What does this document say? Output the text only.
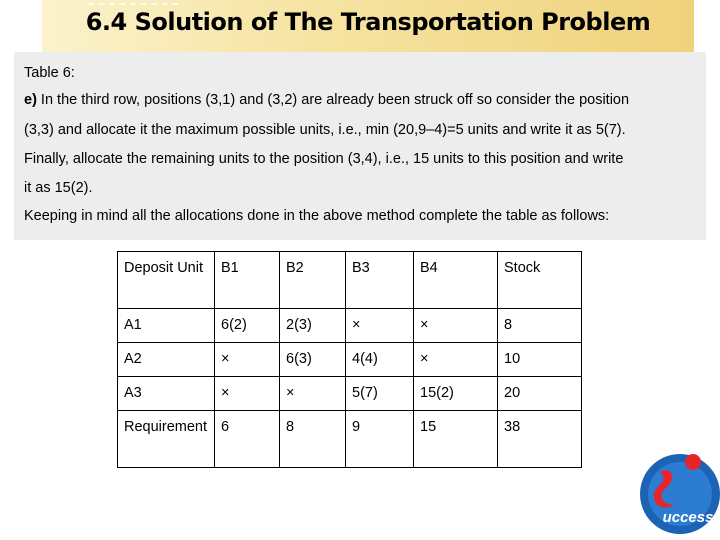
6.4 Solution of The Transportation Problem
Table 6:
e) In the third row, positions (3,1) and (3,2) are already been struck off so consider the position
(3,3) and allocate it the maximum possible units, i.e., min (20,9–4)=5 units and write it as 5(7).
Finally, allocate the remaining units to the position (3,4), i.e., 15 units to this position and write
it as 15(2).
Keeping in mind all the allocations done in the above method complete the table as follows:
Deposit Unit	B1	B2	B3	B4	Stock
A1	6(2)	2(3)	×	×	8
A2	×	6(3)	4(4)	×	10
A3	×	×	5(7)	15(2)	20
Requirement	6	8	9	15	38
uccess
